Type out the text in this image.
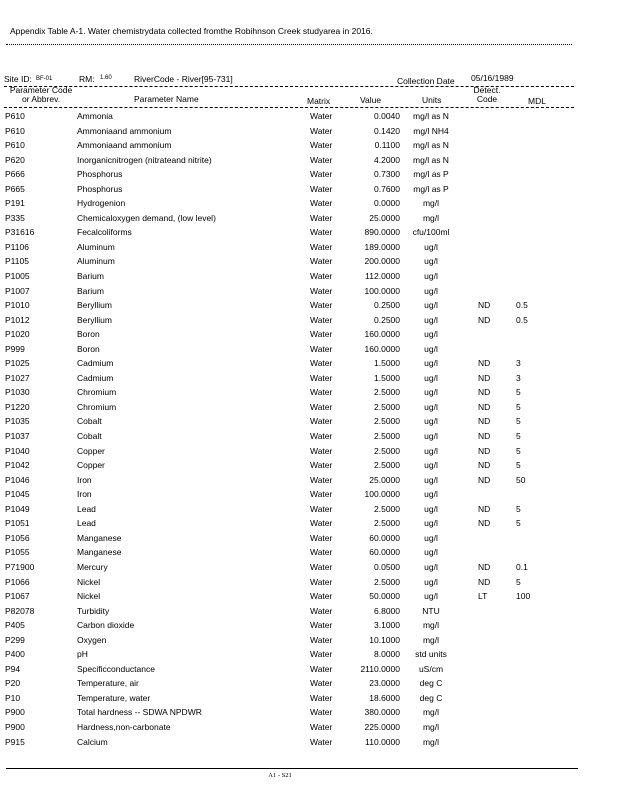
Appendix Table A-1. Water chemistrydata collected fromthe Robihnson Creek studyarea in 2016.
Site ID: BF-01	RM: 1.60	RiverCode - River[95-731]	Collection Date 05/16/1989
Parameter Code or Abbrev.	Parameter Name	Matrix	Value	Units
Detect. Code	MDL
P610	Ammonia	Water	0.0040	mg/l as N
P610	Ammoniaand ammonium	Water	0.1420	mg/l NH4
P610	Ammoniaand ammonium	Water	0.1100	mg/l as N
P620	Inorganicnitrogen (nitrateand nitrite)	Water	4.2000	mg/l as N
P666	Phosphorus	Water	0.7300	mg/l as P
P665	Phosphorus	Water	0.7600	mg/l as P
P191	Hydrogenion	Water	0.0000	mg/l
P335	Chemicaloxygen demand, (low level)	Water	25.0000	mg/l
P31616	Fecalcoliforms	Water	890.0000	cfu/100ml
P1106	Aluminum	Water	189.0000	ug/l
P1105	Aluminum	Water	200.0000	ug/l
P1005	Barium	Water	112.0000	ug/l
P1007	Barium	Water	100.0000	ug/l
P1010	Beryllium	Water	0.2500	ug/l	ND	0.5
P1012	Beryllium	Water	0.2500	ug/l	ND	0.5
P1020	Boron	Water	160.0000	ug/l
P999	Boron	Water	160.0000	ug/l
P1025	Cadmium	Water	1.5000	ug/l	ND	3
P1027	Cadmium	Water	1.5000	ug/l	ND	3
P1030	Chromium	Water	2.5000	ug/l	ND	5
P1220	Chromium	Water	2.5000	ug/l	ND	5
P1035	Cobalt	Water	2.5000	ug/l	ND	5
P1037	Cobalt	Water	2.5000	ug/l	ND	5
P1040	Copper	Water	2.5000	ug/l	ND	5
P1042	Copper	Water	2.5000	ug/l	ND	5
P1046	Iron	Water	25.0000	ug/l	ND	50
P1045	Iron	Water	100.0000	ug/l
P1049	Lead	Water	2.5000	ug/l	ND	5
P1051	Lead	Water	2.5000	ug/l	ND	5
P1056	Manganese	Water	60.0000	ug/l
P1055	Manganese	Water	60.0000	ug/l
P71900	Mercury	Water	0.0500	ug/l	ND	0.1
P1066	Nickel	Water	2.5000	ug/l	ND	5
P1067	Nickel	Water	50.0000	ug/l	LT	100
P82078	Turbidity	Water	6.8000	NTU
P405	Carbon dioxide	Water	3.1000	mg/l
P299	Oxygen	Water	10.1000	mg/l
P400	pH	Water	8.0000	std units
P94	Specificconductance	Water	2110.0000	uS/cm
P20	Temperature, air	Water	23.0000	deg C
P10	Temperature, water	Water	18.6000	deg C
P900	Total hardness -- SDWA NPDWR	Water	380.0000	mg/l
P900	Hardness,non-carbonate	Water	225.0000	mg/l
P915	Calcium	Water	110.0000	mg/l
A1 - S21
